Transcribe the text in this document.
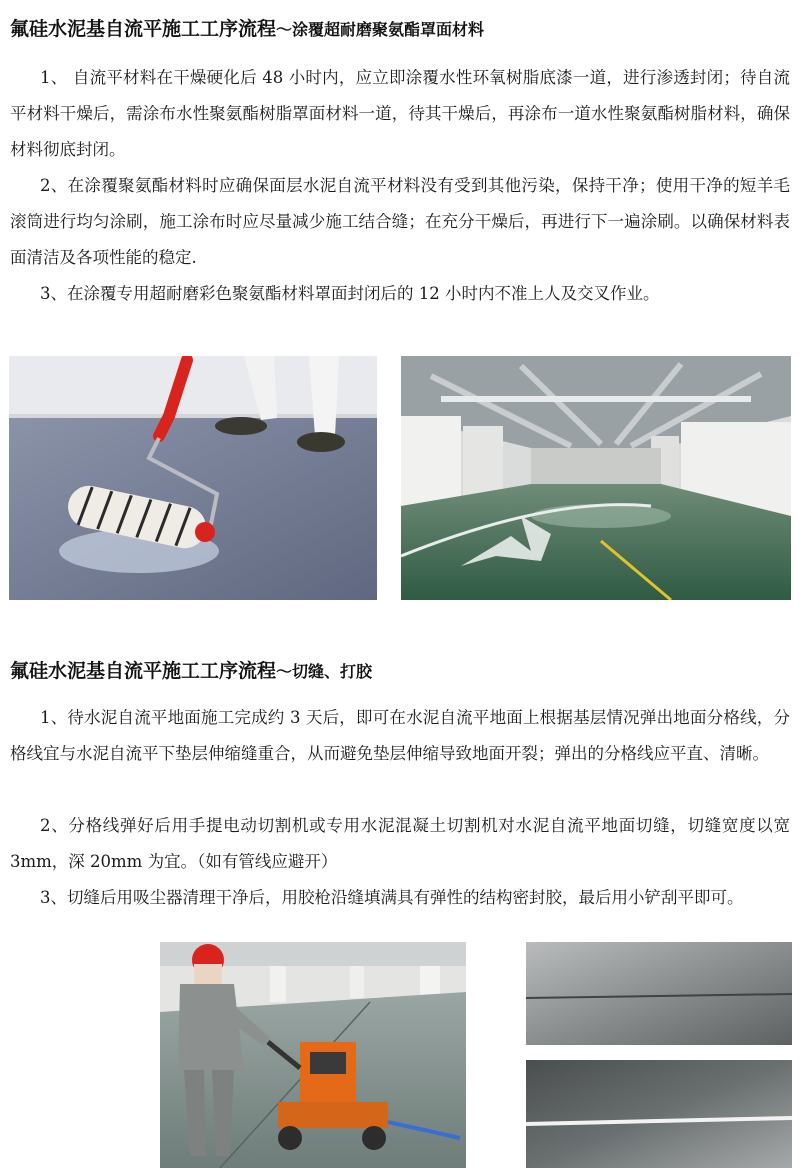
氟硅水泥基自流平施工工序流程～涂覆超耐磨聚氨酯罩面材料
1、 自流平材料在干燥硬化后 48 小时内，应立即涂覆水性环氧树脂底漆一道，进行渗透封闭；待自流平材料干燥后，需涂布水性聚氨酯树脂罩面材料一道，待其干燥后，再涂布一道水性聚氨酯树脂材料，确保材料彻底封闭。
2、在涂覆聚氨酯材料时应确保面层水泥自流平材料没有受到其他污染，保持干净；使用干净的短羊毛滚筒进行均匀涂刷，施工涂布时应尽量减少施工结合缝；在充分干燥后，再进行下一遍涂刷。以确保材料表面清洁及各项性能的稳定.
3、在涂覆专用超耐磨彩色聚氨酯材料罩面封闭后的 12 小时内不准上人及交叉作业。
氟硅水泥基自流平施工工序流程～切缝、打胶
1、待水泥自流平地面施工完成约 3 天后，即可在水泥自流平地面上根据基层情况弹出地面分格线，分格线宜与水泥自流平下垫层伸缩缝重合，从而避免垫层伸缩导致地面开裂；弹出的分格线应平直、清晰。
2、分格线弹好后用手提电动切割机或专用水泥混凝土切割机对水泥自流平地面切缝，切缝宽度以宽 3mm，深 20mm 为宜。（如有管线应避开）
3、切缝后用吸尘器清理干净后，用胶枪沿缝填满具有弹性的结构密封胶，最后用小铲刮平即可。
